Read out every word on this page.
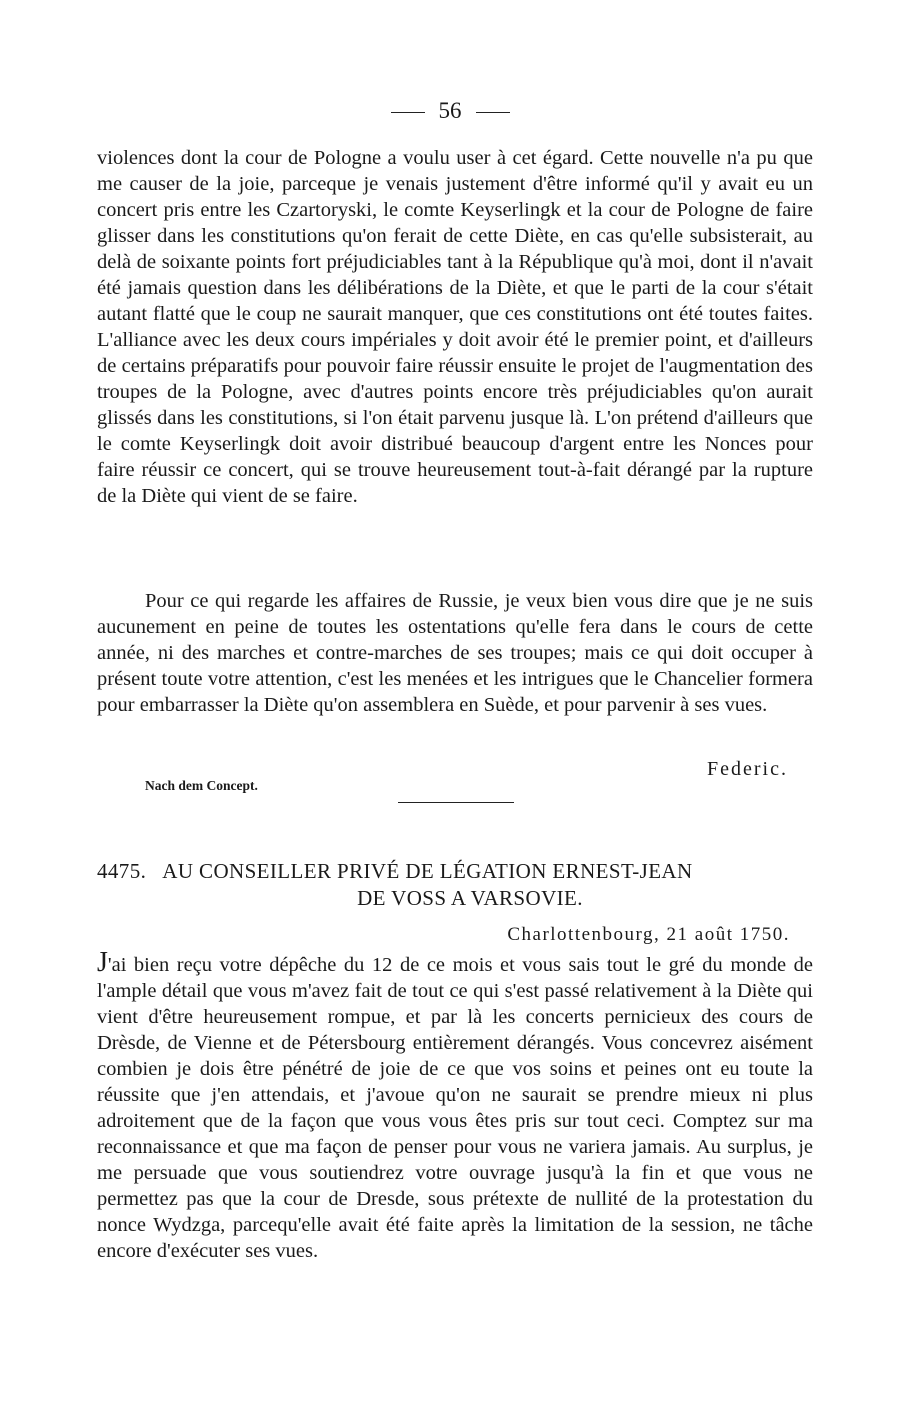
56

violences dont la cour de Pologne a voulu user à cet égard. Cette nouvelle n'a pu que me causer de la joie, parceque je venais justement d'être informé qu'il y avait eu un concert pris entre les Czartoryski, le comte Keyserlingk et la cour de Pologne de faire glisser dans les constitutions qu'on ferait de cette Diète, en cas qu'elle subsisterait, au delà de soixante points fort préjudiciables tant à la République qu'à moi, dont il n'avait été jamais question dans les délibérations de la Diète, et que le parti de la cour s'était autant flatté que le coup ne saurait manquer, que ces constitutions ont été toutes faites. L'alliance avec les deux cours impériales y doit avoir été le premier point, et d'ailleurs de certains préparatifs pour pouvoir faire réussir ensuite le projet de l'augmentation des troupes de la Pologne, avec d'autres points encore très préjudiciables qu'on aurait glissés dans les constitutions, si l'on était parvenu jusque là. L'on prétend d'ailleurs que le comte Keyserlingk doit avoir distribué beaucoup d'argent entre les Nonces pour faire réussir ce concert, qui se trouve heureusement tout-à-fait dérangé par la rupture de la Diète qui vient de se faire.

Pour ce qui regarde les affaires de Russie, je veux bien vous dire que je ne suis aucunement en peine de toutes les ostentations qu'elle fera dans le cours de cette année, ni des marches et contre-marches de ses troupes; mais ce qui doit occuper à présent toute votre attention, c'est les menées et les intrigues que le Chancelier formera pour embarrasser la Diète qu'on assemblera en Suède, et pour parvenir à ses vues.

Federic.
Nach dem Concept.
4475. AU CONSEILLER PRIVÉ DE LÉGATION ERNEST-JEAN
DE VOSS A VARSOVIE.
Charlottenbourg, 21 août 1750.

J'ai bien reçu votre dépêche du 12 de ce mois et vous sais tout le gré du monde de l'ample détail que vous m'avez fait de tout ce qui s'est passé relativement à la Diète qui vient d'être heureusement rompue, et par là les concerts pernicieux des cours de Drèsde, de Vienne et de Pétersbourg entièrement dérangés. Vous concevrez aisément combien je dois être pénétré de joie de ce que vos soins et peines ont eu toute la réussite que j'en attendais, et j'avoue qu'on ne saurait se prendre mieux ni plus adroitement que de la façon que vous vous êtes pris sur tout ceci. Comptez sur ma reconnaissance et que ma façon de penser pour vous ne variera jamais. Au surplus, je me persuade que vous soutiendrez votre ouvrage jusqu'à la fin et que vous ne permettez pas que la cour de Dresde, sous prétexte de nullité de la protestation du nonce Wydzga, parcequ'elle avait été faite après la limitation de la session, ne tâche encore d'exécuter ses vues.
